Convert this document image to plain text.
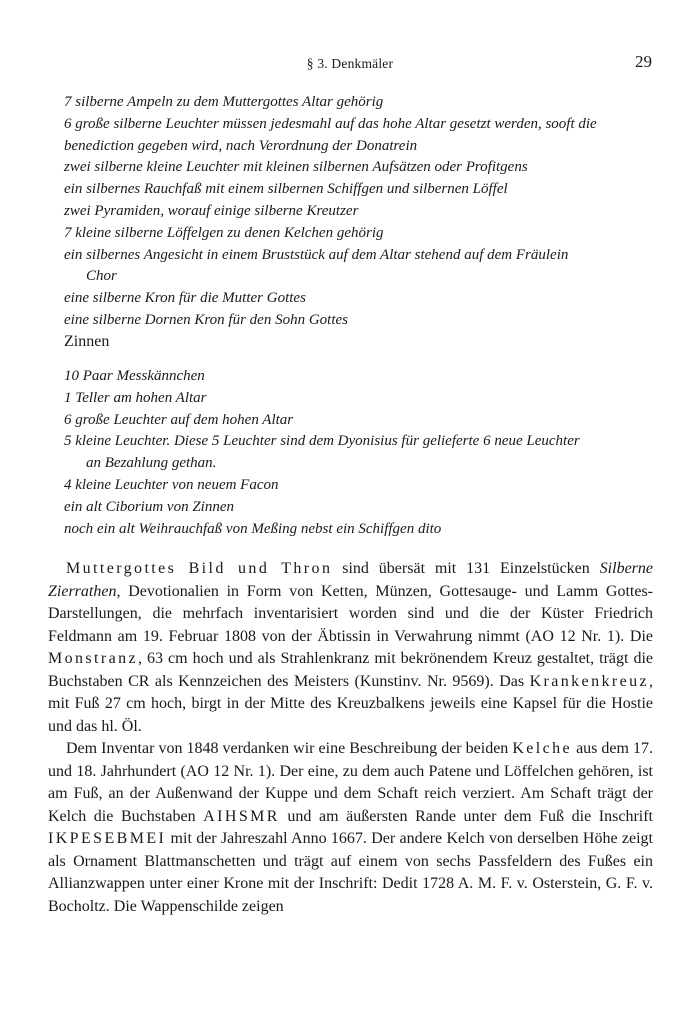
§ 3. Denkmäler	29
7 silberne Ampeln zu dem Muttergottes Altar gehörig
6 große silberne Leuchter müssen jedesmahl auf das hohe Altar gesetzt werden, sooft die
benediction gegeben wird, nach Verordnung der Donatrein
zwei silberne kleine Leuchter mit kleinen silbernen Aufsätzen oder Profitgens
ein silbernes Rauchfaß mit einem silbernen Schiffgen und silbernen Löffel
zwei Pyramiden, worauf einige silberne Kreutzer
7 kleine silberne Löffelgen zu denen Kelchen gehörig
ein silbernes Angesicht in einem Bruststück auf dem Altar stehend auf dem Fräulein
Chor
eine silberne Kron für die Mutter Gottes
eine silberne Dornen Kron für den Sohn Gottes
Zinnen
10 Paar Messkännchen
1 Teller am hohen Altar
6 große Leuchter auf dem hohen Altar
5 kleine Leuchter. Diese 5 Leuchter sind dem Dyonisius für gelieferte 6 neue Leuchter
an Bezahlung gethan.
4 kleine Leuchter von neuem Facon
ein alt Ciborium von Zinnen
noch ein alt Weihrauchfaß von Meßing nebst ein Schiffgen dito

Muttergottes Bild und Thron sind übersät mit 131 Einzelstücken Silberne Zierrathen, Devotionalien in Form von Ketten, Münzen, Gottesauge- und Lamm Gottes-Darstellungen, die mehrfach inventarisiert worden sind und die der Küster Friedrich Feldmann am 19. Februar 1808 von der Äbtissin in Verwahrung nimmt (AO 12 Nr. 1). Die Monstranz, 63 cm hoch und als Strahlenkranz mit bekrönendem Kreuz gestaltet, trägt die Buchstaben CR als Kennzeichen des Meisters (Kunstinv. Nr. 9569). Das Krankenkreuz, mit Fuß 27 cm hoch, birgt in der Mitte des Kreuzbalkens jeweils eine Kapsel für die Hostie und das hl. Öl.

Dem Inventar von 1848 verdanken wir eine Beschreibung der beiden Kelche aus dem 17. und 18. Jahrhundert (AO 12 Nr. 1). Der eine, zu dem auch Patene und Löffelchen gehören, ist am Fuß, an der Außenwand der Kuppe und dem Schaft reich verziert. Am Schaft trägt der Kelch die Buchstaben AIHSMR und am äußersten Rande unter dem Fuß die Inschrift IKPESEBMEI mit der Jahreszahl Anno 1667. Der andere Kelch von derselben Höhe zeigt als Ornament Blattmanschetten und trägt auf einem von sechs Passfeldern des Fußes ein Allianzwappen unter einer Krone mit der Inschrift: Dedit 1728 A. M. F. v. Osterstein, G. F. v. Bocholtz. Die Wappenschilde zeigen
